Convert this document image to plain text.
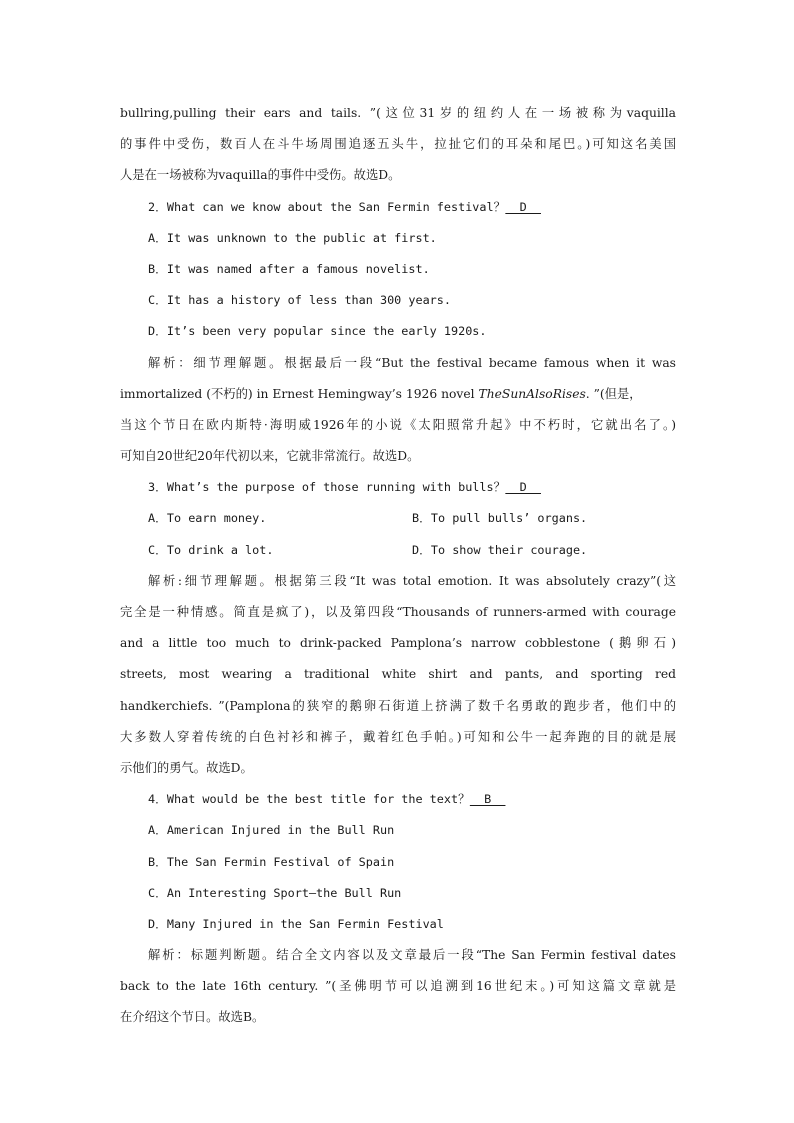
bullring,pulling their ears and tails. ”(这位31岁的纽约人在一场被称为vaquilla
的事件中受伤，数百人在斗牛场周围追逐五头牛，拉扯它们的耳朵和尾巴。)可知这名美国
人是在一场被称为vaquilla的事件中受伤。故选D。
2．What can we know about the San Fermin festival？__D__
A．It was unknown to the public at first.
B．It was named after a famous novelist.
C．It has a history of less than 300 years.
D．It’s been very popular since the early 1920s.
解析：细节理解题。根据最后一段“But the festival became famous when it was
immortalized (不朽的) in Ernest Hemingway’s 1926 novel TheSunAlsoRises. ”(但是，
当这个节日在欧内斯特·海明威1926年的小说《太阳照常升起》中不朽时，它就出名了。)
可知自20世纪20年代初以来，它就非常流行。故选D。
3．What’s the purpose of those running with bulls？__D__
A．To earn money.	B．To pull bulls’ organs.
C．To drink a lot.	D．To show their courage.
解析:细节理解题。根据第三段“It was total emotion. It was absolutely crazy”(这
完全是一种情感。简直是疯了)，以及第四段“Thousands of runners-armed with courage
and a little too much to drink-packed Pamplona’s narrow cobblestone (鹅卵石)
streets, most wearing a traditional white shirt and pants, and sporting red
handkerchiefs. ”(Pamplona的狭窄的鹅卵石街道上挤满了数千名勇敢的跑步者，他们中的
大多数人穿着传统的白色衬衫和裤子，戴着红色手帕。)可知和公牛一起奔跑的目的就是展
示他们的勇气。故选D。
4．What would be the best title for the text？__B__
A．American Injured in the Bull Run
B．The San Fermin Festival of Spain
C．An Interesting Sport—the Bull Run
D．Many Injured in the San Fermin Festival
解析：标题判断题。结合全文内容以及文章最后一段“The San Fermin festival dates
back to the late 16th century. ”(圣佛明节可以追溯到16世纪末。)可知这篇文章就是
在介绍这个节日。故选B。
